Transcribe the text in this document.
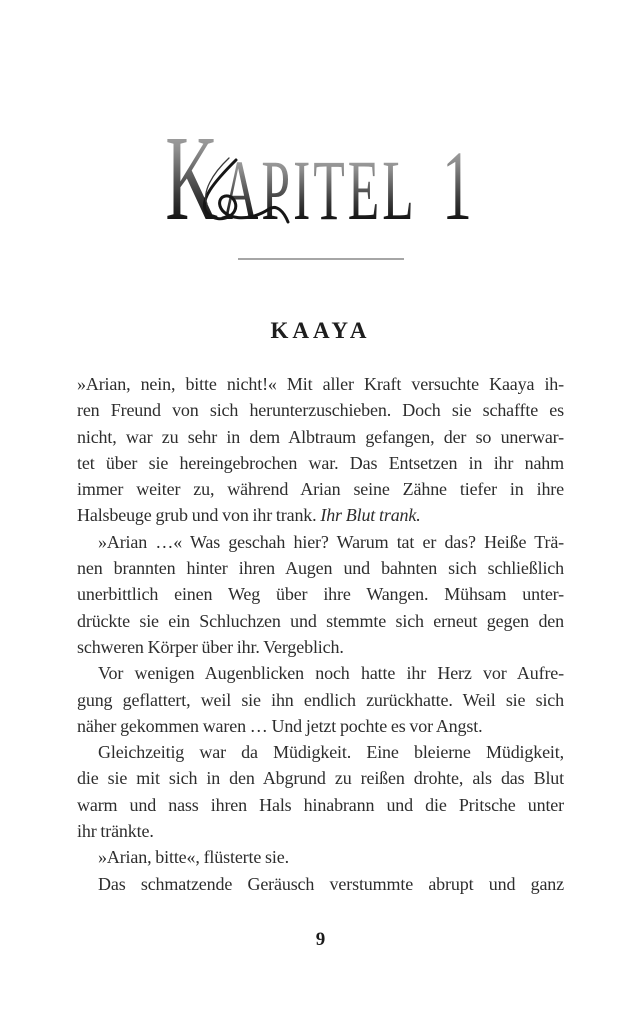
KAPITEL 1
KAAYA
»Arian, nein, bitte nicht!« Mit aller Kraft versuchte Kaaya ih-
ren Freund von sich herunterzuschieben. Doch sie schaffte es
nicht, war zu sehr in dem Albtraum gefangen, der so unerwar-
tet über sie hereingebrochen war. Das Entsetzen in ihr nahm
immer weiter zu, während Arian seine Zähne tiefer in ihre
Halsbeuge grub und von ihr trank. Ihr Blut trank.
»Arian …« Was geschah hier? Warum tat er das? Heiße Trä-
nen brannten hinter ihren Augen und bahnten sich schließlich
unerbittlich einen Weg über ihre Wangen. Mühsam unter-
drückte sie ein Schluchzen und stemmte sich erneut gegen den
schweren Körper über ihr. Vergeblich.
Vor wenigen Augenblicken noch hatte ihr Herz vor Aufre-
gung geflattert, weil sie ihn endlich zurückhatte. Weil sie sich
näher gekommen waren … Und jetzt pochte es vor Angst.
Gleichzeitig war da Müdigkeit. Eine bleierne Müdigkeit,
die sie mit sich in den Abgrund zu reißen drohte, als das Blut
warm und nass ihren Hals hinabrann und die Pritsche unter
ihr tränkte.
»Arian, bitte«, flüsterte sie.
Das schmatzende Geräusch verstummte abrupt und ganz
9
